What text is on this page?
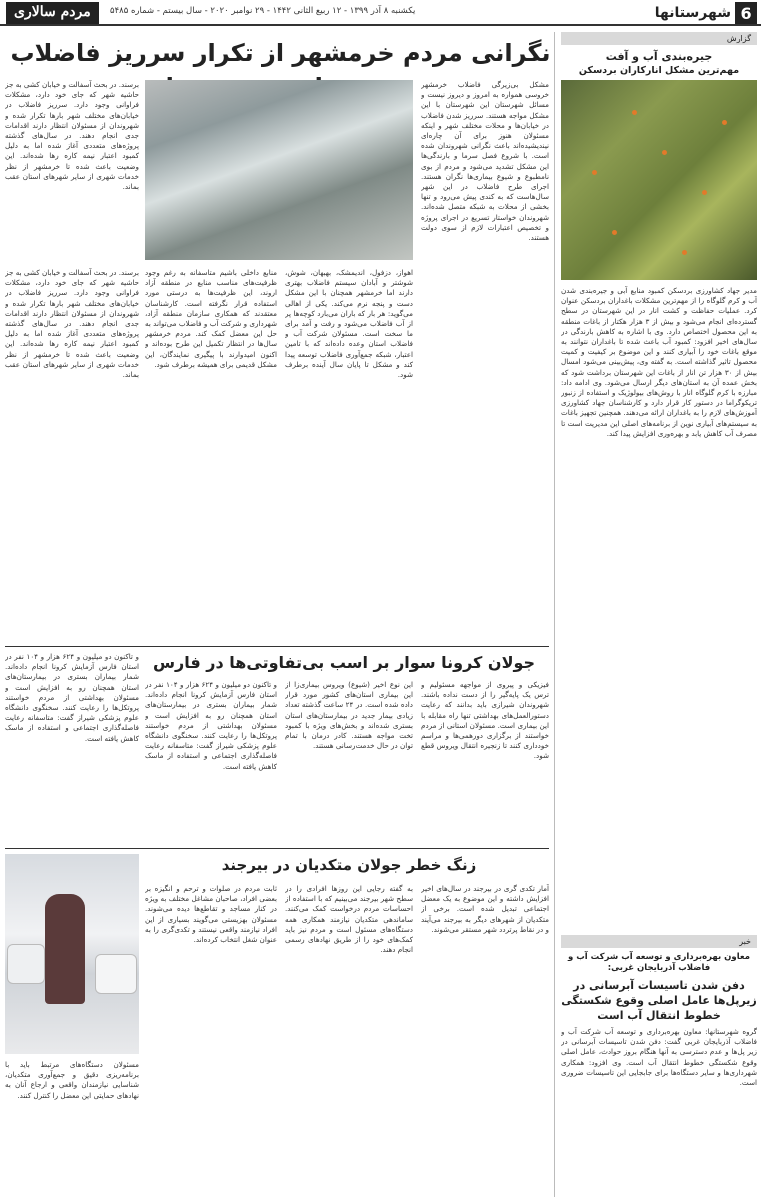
6
شهرستانها
یکشنبه ۸ آذر ۱۳۹۹ - ۱۲ ربیع الثانی ۱۴۴۲ - ۲۹ نوامبر ۲۰۲۰ - سال بیستم - شماره ۵۴۸۵
مردم سالاری
گزارش
جیره‌بندی آب و آفت
مهم‌ترین مشکل انارکاران بردسکن
مدیر جهاد کشاورزی بردسکن کمبود منابع آبی و جیره‌بندی شدن آب و کرم گلوگاه را از مهم‌ترین مشکلات باغداران بردسکن عنوان کرد. عملیات حفاظت و کشت انار در این شهرستان در سطح گسترده‌ای انجام می‌شود و بیش از ۳ هزار هکتار از باغات منطقه به این محصول اختصاص دارد. وی با اشاره به کاهش بارندگی در سال‌های اخیر افزود: کمبود آب باعث شده تا باغداران نتوانند به موقع باغات خود را آبیاری کنند و این موضوع بر کیفیت و کمیت محصول تاثیر گذاشته است. به گفته وی، پیش‌بینی می‌شود امسال بیش از ۳۰ هزار تن انار از باغات این شهرستان برداشت شود که بخش عمده آن به استان‌های دیگر ارسال می‌شود. وی ادامه داد: مبارزه با کرم گلوگاه انار با روش‌های بیولوژیک و استفاده از زنبور تریکوگراما در دستور کار قرار دارد و کارشناسان جهاد کشاورزی آموزش‌های لازم را به باغداران ارائه می‌دهند. همچنین تجهیز باغات به سیستم‌های آبیاری نوین از برنامه‌های اصلی این مدیریت است تا مصرف آب کاهش یابد و بهره‌وری افزایش پیدا کند.
نگرانی مردم خرمشهر از تکرار سرریز فاضلاب
مشکل بی‌زیرگی فاضلاب خرمشهر خروسی همواره به امروز و دیروز نیست و مسائل شهرستان این شهرستان با این مشکل مواجه هستند. سرریز شدن فاضلاب در خیابان‌ها و محلات مختلف شهر و اینکه مسئولان هنوز برای آن چاره‌ای نیندیشیده‌اند باعث نگرانی شهروندان شده است. با شروع فصل سرما و بارندگی‌ها این مشکل تشدید می‌شود و مردم از بوی نامطبوع و شیوع بیماری‌ها نگران هستند. اجرای طرح فاضلاب در این شهر سال‌هاست که به کندی پیش می‌رود و تنها بخشی از محلات به شبکه متصل شده‌اند. شهروندان خواستار تسریع در اجرای پروژه و تخصیص اعتبارات لازم از سوی دولت هستند.
برسند. در بحث آسفالت و خیابان کشی به جز حاشیه شهر که‌ جای خود دارد، مشکلات فراوانی وجود دارد. سرریز فاضلاب در خیابان‌های مختلف شهر بارها تکرار شده و شهروندان از مسئولان انتظار دارند اقدامات جدی انجام دهند. در سال‌های گذشته پروژه‌های متعددی آغاز شده اما به دلیل کمبود اعتبار نیمه کاره رها شده‌اند. این وضعیت باعث شده تا خرمشهر از نظر خدمات شهری از سایر شهرهای استان عقب بماند.
اهواز، دزفول، اندیمشک، بهبهان، شوش، شوشتر و آبادان سیستم فاضلاب بهتری دارند اما خرمشهر همچنان با این مشکل دست و پنجه نرم می‌کند. یکی از اهالی می‌گوید: هر بار که باران می‌بارد کوچه‌ها پر از آب فاضلاب می‌شود و رفت و آمد برای ما سخت است. مسئولان شرکت آب و فاضلاب استان وعده داده‌اند که با تامین اعتبار، شبکه جمع‌آوری فاضلاب توسعه پیدا کند و مشکل تا پایان سال آینده برطرف شود.
منابع داخلی باشیم متاسفانه به رغم وجود ظرفیت‌های مناسب منابع در منطقه آزاد اروند، این ظرفیت‌ها به درستی مورد استفاده قرار نگرفته است. کارشناسان معتقدند که همکاری سازمان منطقه آزاد، شهرداری و شرکت آب و فاضلاب می‌تواند به حل این معضل کمک کند. مردم خرمشهر سال‌ها در انتظار تکمیل این طرح بوده‌اند و اکنون امیدوارند با پیگیری نمایندگان، این مشکل قدیمی برای همیشه برطرف شود.
برسند. در بحث آسفالت و خیابان کشی به جز حاشیه شهر که‌ جای خود دارد، مشکلات فراوانی وجود دارد. سرریز فاضلاب در خیابان‌های مختلف شهر بارها تکرار شده و شهروندان از مسئولان انتظار دارند اقدامات جدی انجام دهند. در سال‌های گذشته پروژه‌های متعددی آغاز شده اما به دلیل کمبود اعتبار نیمه کاره رها شده‌اند. این وضعیت باعث شده تا خرمشهر از نظر خدمات شهری از سایر شهرهای استان عقب بماند.
جولان کرونا سوار بر اسب بی‌تفاوتی‌ها در فارس
فیزیکی و پیروی از مواجهه مسئولیم و ترس یک پایه‌گیر را از دست نداده باشند. شهروندان شیرازی باید بدانند که رعایت دستورالعمل‌های بهداشتی تنها راه مقابله با این بیماری است. مسئولان استانی از مردم خواستند از برگزاری دورهمی‌ها و مراسم خودداری کنند تا زنجیره انتقال ویروس قطع شود.
این نوع اخیر (شیوع) ویروس بیماری‌زا از این بیماری استان‌های کشور مورد قرار داده شده است. در ۲۴ ساعت گذشته تعداد زیادی بیمار جدید در بیمارستان‌های استان بستری شده‌اند و بخش‌های ویژه با کمبود تخت مواجه هستند. کادر درمان با تمام توان در حال خدمت‌رسانی هستند.
و تاکنون دو میلیون و ۶۲۴ هزار و ۱۰۴ نفر در استان فارس آزمایش کرونا انجام داده‌اند. شمار بیماران بستری در بیمارستان‌های استان همچنان رو به افزایش است و مسئولان بهداشتی از مردم خواستند پروتکل‌ها را رعایت کنند. سخنگوی دانشگاه علوم پزشکی شیراز گفت: متاسفانه رعایت فاصله‌گذاری اجتماعی و استفاده از ماسک کاهش یافته است.
و تاکنون دو میلیون و ۶۲۴ هزار و ۱۰۴ نفر در استان فارس آزمایش کرونا انجام داده‌اند. شمار بیماران بستری در بیمارستان‌های استان همچنان رو به افزایش است و مسئولان بهداشتی از مردم خواستند پروتکل‌ها را رعایت کنند. سخنگوی دانشگاه علوم پزشکی شیراز گفت: متاسفانه رعایت فاصله‌گذاری اجتماعی و استفاده از ماسک کاهش یافته است.
زنگ خطر جولان متکدیان در بیرجند
آمار تکدی گری در بیرجند در سال‌های اخیر افزایش داشته و این موضوع به یک معضل اجتماعی تبدیل شده است. برخی از متکدیان از شهرهای دیگر به بیرجند می‌آیند و در نقاط پرتردد شهر مستقر می‌شوند.
به گفته رجایی این روزها افرادی را در سطح شهر بیرجند می‌بینیم که با استفاده از احساسات مردم درخواست کمک می‌کنند. ساماندهی متکدیان نیازمند همکاری همه دستگاه‌های مسئول است و مردم نیز باید کمک‌های خود را از طریق نهادهای رسمی انجام دهند.
ثابت مردم در صلوات و ترحم و انگیزه بر بعضی افراد، صاحبان مشاغل مختلف به ویژه در کنار مساجد و تقاطع‌ها دیده می‌شوند. مسئولان بهزیستی می‌گویند بسیاری از این افراد نیازمند واقعی نیستند و تکدی‌گری را به عنوان شغل انتخاب کرده‌اند.
مسئولان دستگاه‌های مرتبط باید با برنامه‌ریزی دقیق و جمع‌آوری متکدیان، شناسایی نیازمندان واقعی و ارجاع آنان به نهادهای حمایتی این معضل را کنترل کنند.
خبر
معاون بهره‌برداری و توسعه آب شرکت آب و فاضلاب آذربایجان غربی:
دفن شدن تاسیسات آبرسانی در زیرپل‌ها عامل اصلی وقوع شکستگی خطوط انتقال آب است
گروه شهرستانها: معاون بهره‌برداری و توسعه آب شرکت آب و فاضلاب آذربایجان غربی گفت: دفن شدن تاسیسات آبرسانی در زیر پل‌ها و عدم دسترسی به آنها هنگام بروز حوادث، عامل اصلی وقوع شکستگی خطوط انتقال آب است. وی افزود: همکاری شهرداری‌ها و سایر دستگاه‌ها برای جابجایی این تاسیسات ضروری است.
